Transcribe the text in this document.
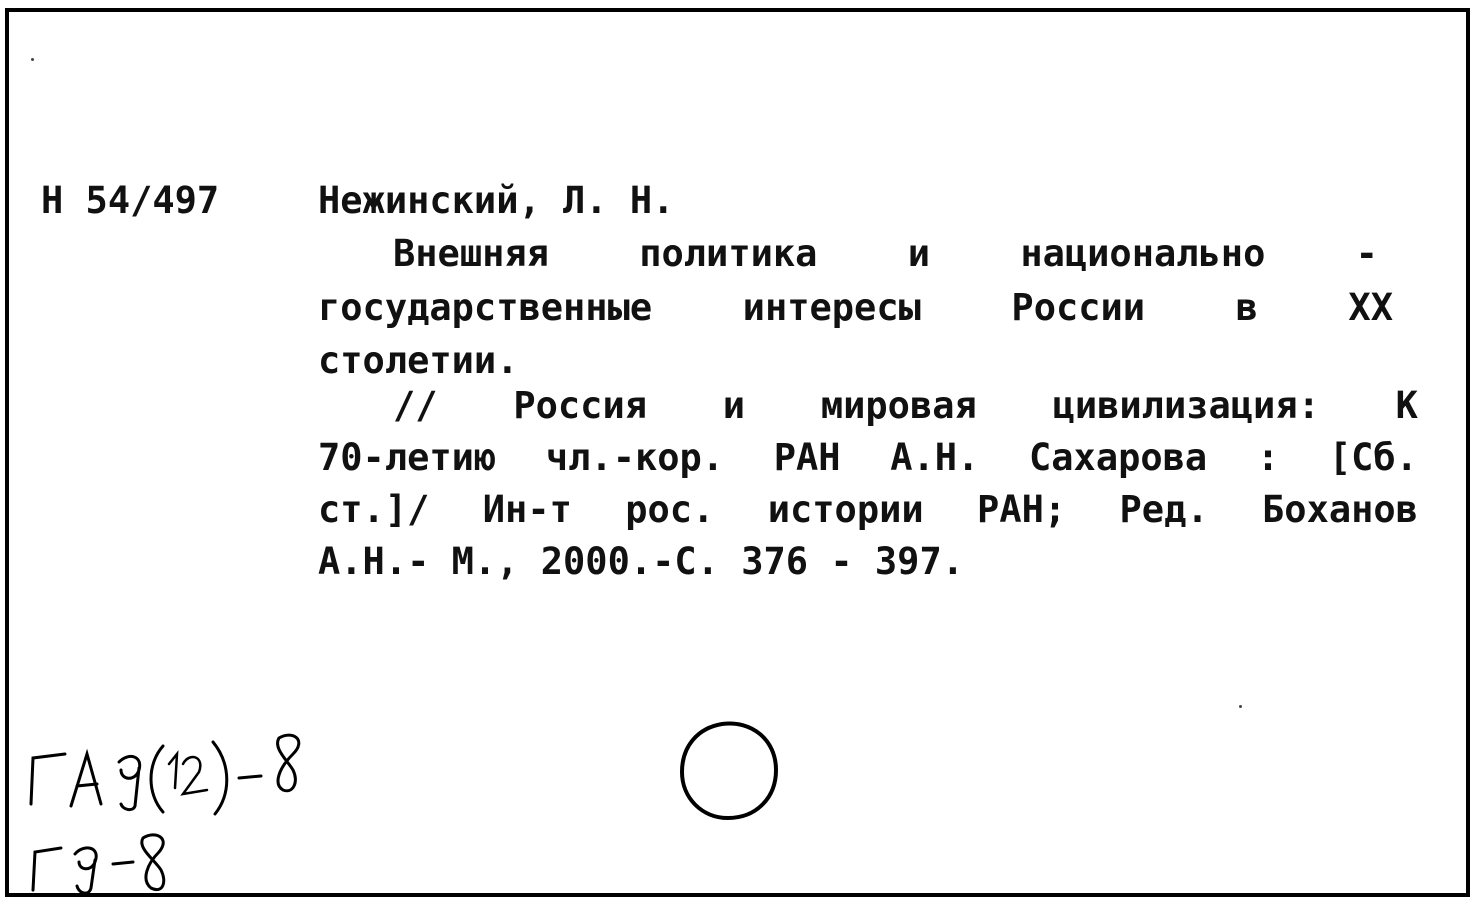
Н 54/497	Нежинский, Л. Н.
Внешняя политика и национально -
государственные интересы России в XX
столетии.
// Россия и мировая цивилизация: К
70-летию чл.-кор. РАН А.Н. Сахарова : [Сб.
ст.]/ Ин-т рос. истории РАН; Ред. Боханов
А.Н.- М., 2000.-С. 376 - 397.
